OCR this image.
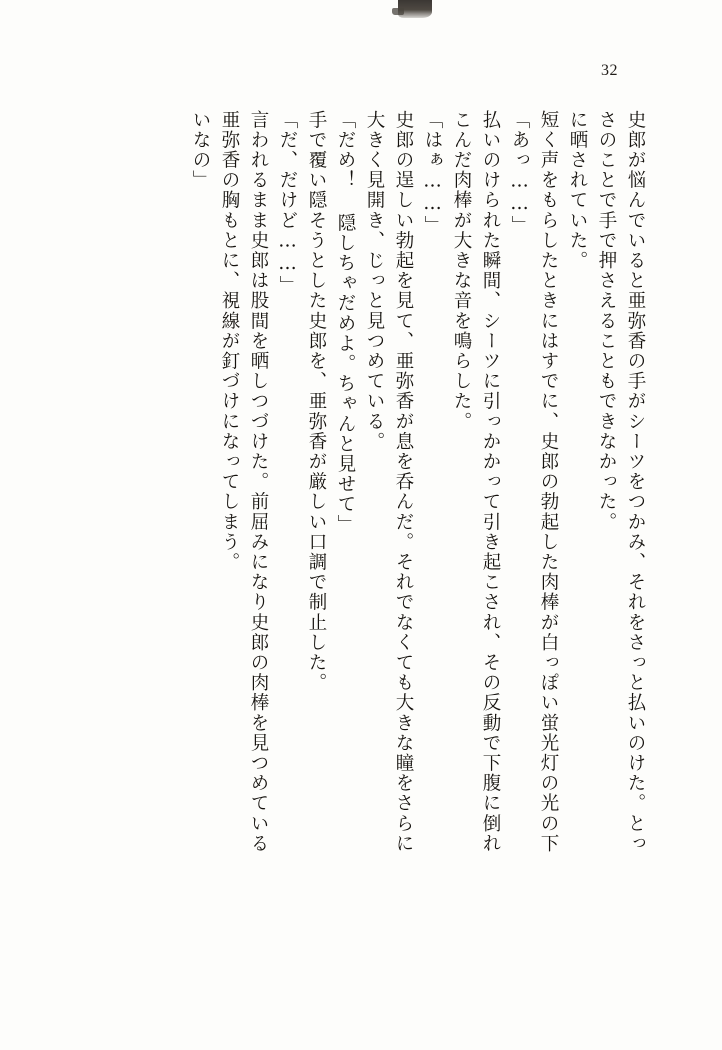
32
史郎が悩んでいると亜弥香の手がシーツをつかみ、それをさっと払いのけた。とっ
さのことで手で押さえることもできなかった。
に晒されていた。
短く声をもらしたときにはすでに、史郎の勃起した肉棒が白っぽい蛍光灯の光の下
「あっ……」
払いのけられた瞬間、シーツに引っかかって引き起こされ、その反動で下腹に倒れ
こんだ肉棒が大きな音を鳴らした。
「はぁ……」
史郎の逞しい勃起を見て、亜弥香が息を呑んだ。それでなくても大きな瞳をさらに
大きく見開き、じっと見つめている。
「だめ！ 隠しちゃだめよ。ちゃんと見せて」
手で覆い隠そうとした史郎を、亜弥香が厳しい口調で制止した。
「だ、だけど……」
言われるまま史郎は股間を晒しつづけた。前屈みになり史郎の肉棒を見つめている
亜弥香の胸もとに、視線が釘づけになってしまう。
いなの」
